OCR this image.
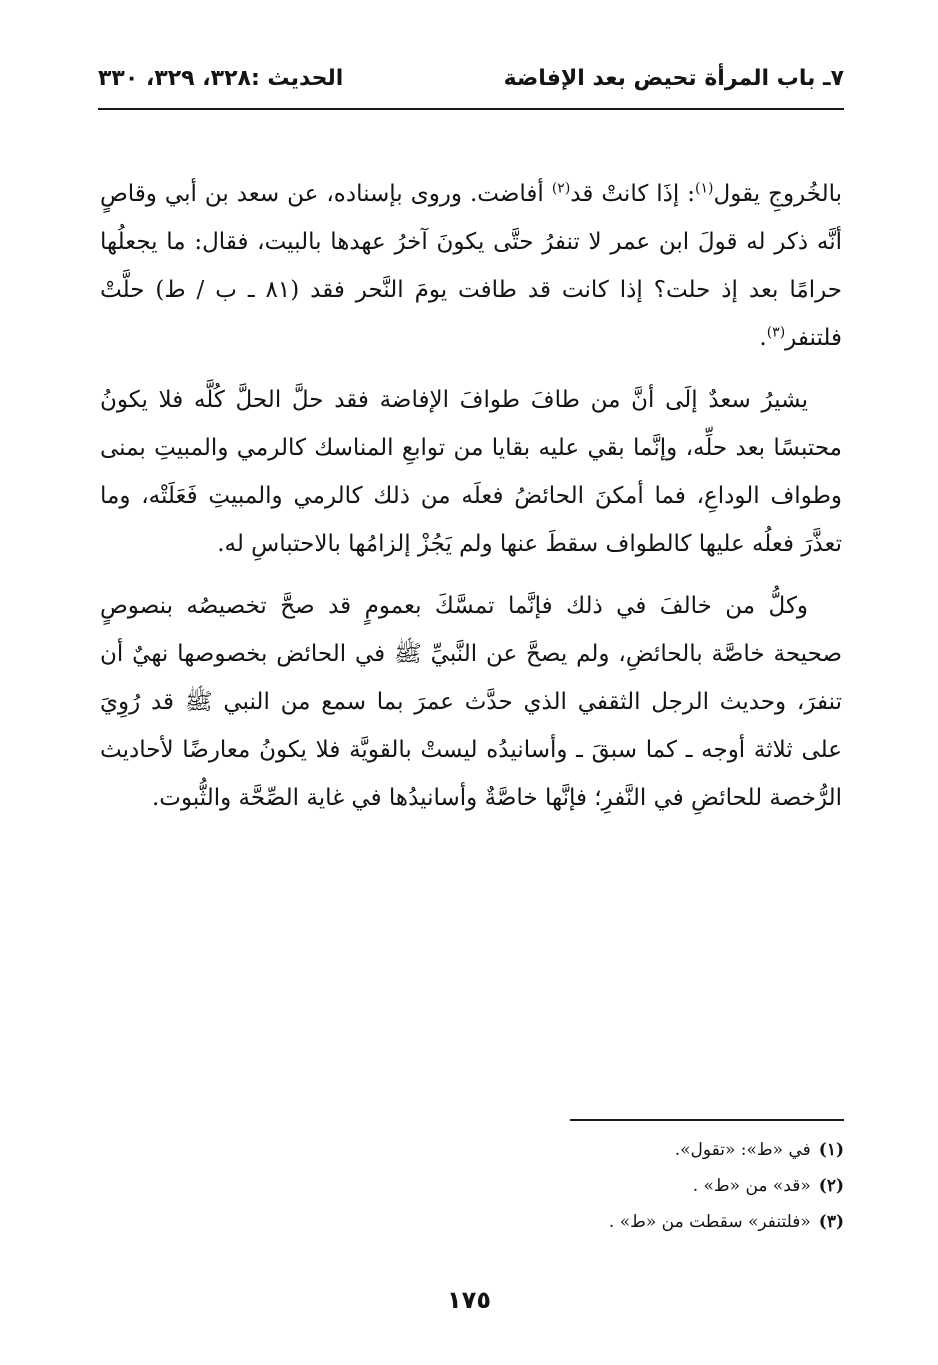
٧ـ باب المرأة تحيض بعد الإفاضة
الحديث :٣٢٨، ٣٢٩، ٣٣٠

بالخُروجِ يقول$^{(١)}$: إذَا كانتْ قد$^{(٢)}$ أفاضت. وروى بإسناده، عن سعد بن أبي وقاصٍ أنَّه ذكر له قولَ ابن عمر لا تنفرُ حتَّى يكونَ آخرُ عهدها بالبيت، فقال: ما يجعلُها حرامًا بعد إذ حلت؟ إذا كانت قد طافت يومَ النَّحر فقد (٨١ ـ ب / ط) حلَّتْ فلتنفر$^{(٣)}$.

يشيرُ سعدٌ إلَى أنَّ من طافَ طوافَ الإفاضة فقد حلَّ الحلَّ كُلَّه فلا يكونُ محتبسًا بعد حلِّه، وإنَّما بقي عليه بقايا من توابعِ المناسك كالرمي والمبيتِ بمنى وطواف الوداعِ، فما أمكنَ الحائضُ فعلَه من ذلك كالرمي والمبيتِ فَعَلَتْه، وما تعذَّرَ فعلُه عليها كالطواف سقطَ عنها ولم يَجُزْ إلزامُها بالاحتباسِ له.

وكلُّ من خالفَ في ذلك فإنَّما تمسَّكَ بعمومٍ قد صحَّ تخصيصُه بنصوصٍ صحيحة خاصَّة بالحائضِ، ولم يصحَّ عن النَّبيِّ ﷺ في الحائض بخصوصها نهيٌ أن تنفرَ، وحديث الرجل الثقفي الذي حدَّث عمرَ بما سمع من النبي ﷺ قد رُوِيَ على ثلاثة أوجه ـ كما سبقَ ـ وأسانيدُه ليستْ بالقويَّة فلا يكونُ معارضًا لأحاديث الرُّخصة للحائضِ في النَّفرِ؛ فإنَّها خاصَّةٌ وأسانيدُها في غاية الصِّحَّة والثُّبوت.

(١)في «ط»: «تقول».

(٢)«قد» من «ط» .

(٣)«فلتنفر» سقطت من «ط» .

١٧٥
